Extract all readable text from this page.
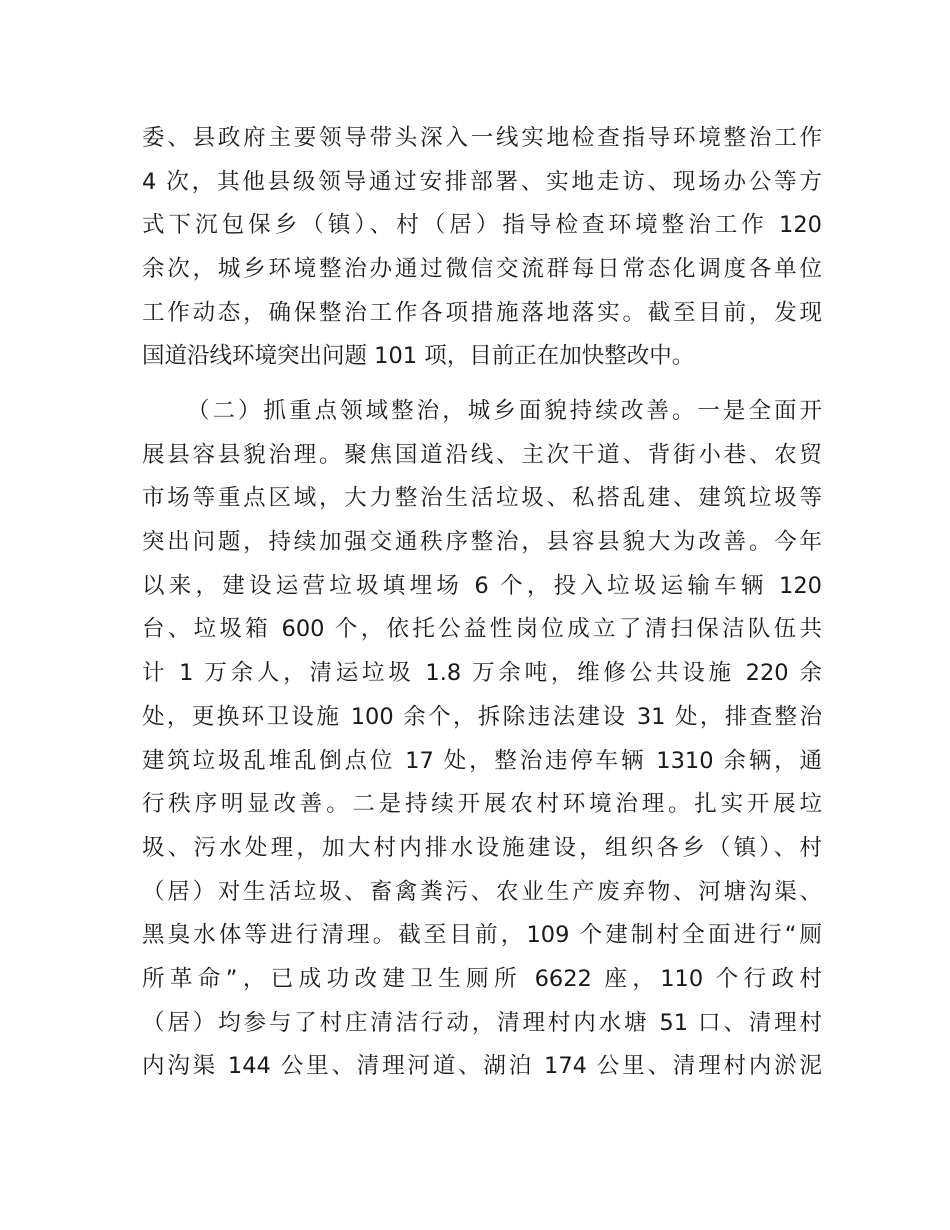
委、县政府主要领导带头深入一线实地检查指导环境整治工作
4 次，其他县级领导通过安排部署、实地走访、现场办公等方
式下沉包保乡（镇）、村（居）指导检查环境整治工作 120
余次，城乡环境整治办通过微信交流群每日常态化调度各单位
工作动态，确保整治工作各项措施落地落实。截至目前，发现
国道沿线环境突出问题 101 项，目前正在加快整改中。
（二）抓重点领域整治，城乡面貌持续改善。一是全面开
展县容县貌治理。聚焦国道沿线、主次干道、背街小巷、农贸
市场等重点区域，大力整治生活垃圾、私搭乱建、建筑垃圾等
突出问题，持续加强交通秩序整治，县容县貌大为改善。今年
以来，建设运营垃圾填埋场 6 个，投入垃圾运输车辆 120
台、垃圾箱 600 个，依托公益性岗位成立了清扫保洁队伍共
计 1 万余人，清运垃圾 1.8 万余吨，维修公共设施 220 余
处，更换环卫设施 100 余个，拆除违法建设 31 处，排查整治
建筑垃圾乱堆乱倒点位 17 处，整治违停车辆 1310 余辆，通
行秩序明显改善。二是持续开展农村环境治理。扎实开展垃
圾、污水处理，加大村内排水设施建设，组织各乡（镇）、村
（居）对生活垃圾、畜禽粪污、农业生产废弃物、河塘沟渠、
黑臭水体等进行清理。截至目前，109 个建制村全面进行“厕
所革命”，已成功改建卫生厕所 6622 座，110 个行政村
（居）均参与了村庄清洁行动，清理村内水塘 51 口、清理村
内沟渠 144 公里、清理河道、湖泊 174 公里、清理村内淤泥
